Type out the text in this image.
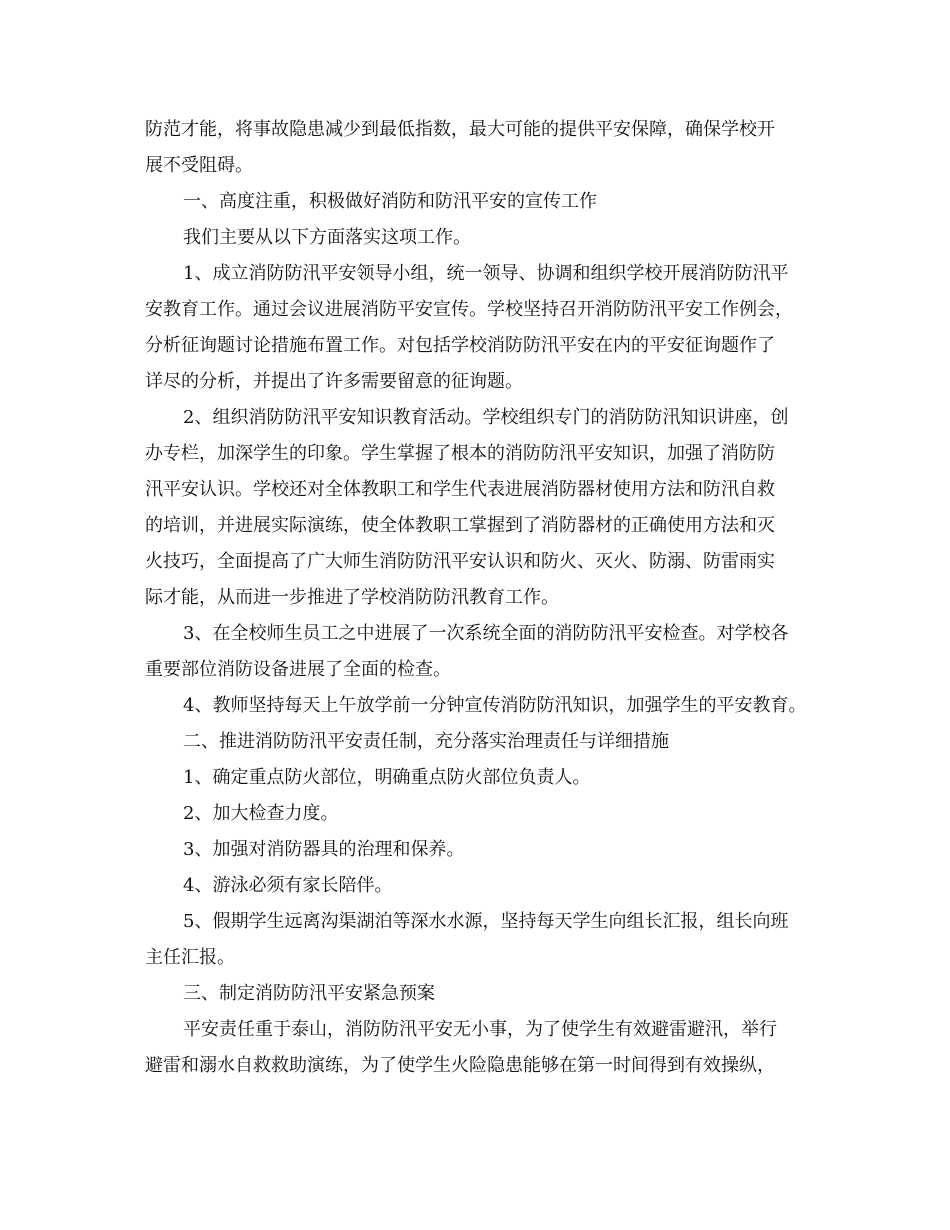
防范才能，将事故隐患减少到最低指数，最大可能的提供平安保障，确保学校开
展不受阻碍。
一、高度注重，积极做好消防和防汛平安的宣传工作
我们主要从以下方面落实这项工作。
1、成立消防防汛平安领导小组，统一领导、协调和组织学校开展消防防汛平
安教育工作。通过会议进展消防平安宣传。学校坚持召开消防防汛平安工作例会，
分析征询题讨论措施布置工作。对包括学校消防防汛平安在内的平安征询题作了
详尽的分析，并提出了许多需要留意的征询题。
2、组织消防防汛平安知识教育活动。学校组织专门的消防防汛知识讲座，创
办专栏，加深学生的印象。学生掌握了根本的消防防汛平安知识，加强了消防防
汛平安认识。学校还对全体教职工和学生代表进展消防器材使用方法和防汛自救
的培训，并进展实际演练，使全体教职工掌握到了消防器材的正确使用方法和灭
火技巧，全面提高了广大师生消防防汛平安认识和防火、灭火、防溺、防雷雨实
际才能，从而进一步推进了学校消防防汛教育工作。
3、在全校师生员工之中进展了一次系统全面的消防防汛平安检查。对学校各
重要部位消防设备进展了全面的检查。
4、教师坚持每天上午放学前一分钟宣传消防防汛知识，加强学生的平安教育。
二、推进消防防汛平安责任制，充分落实治理责任与详细措施
1、确定重点防火部位，明确重点防火部位负责人。
2、加大检查力度。
3、加强对消防器具的治理和保养。
4、游泳必须有家长陪伴。
5、假期学生远离沟渠湖泊等深水水源，坚持每天学生向组长汇报，组长向班
主任汇报。
三、制定消防防汛平安紧急预案
平安责任重于泰山，消防防汛平安无小事，为了使学生有效避雷避汛，举行
避雷和溺水自救救助演练，为了使学生火险隐患能够在第一时间得到有效操纵，
